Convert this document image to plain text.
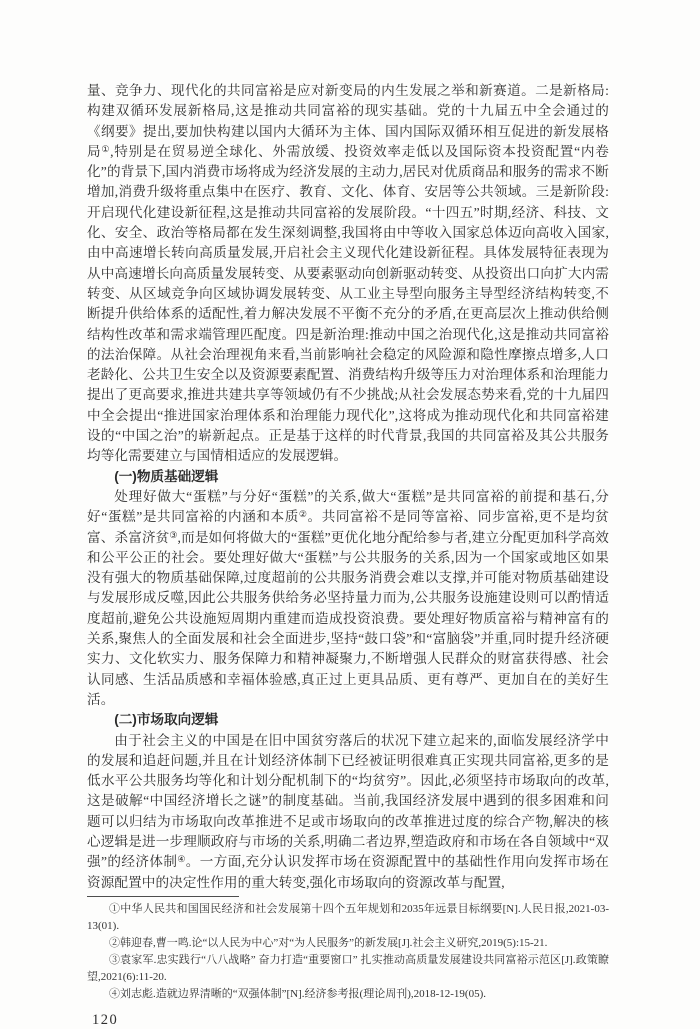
量、竞争力、现代化的共同富裕是应对新变局的内生发展之举和新赛道。二是新格局:构建双循环发展新格局,这是推动共同富裕的现实基础。党的十九届五中全会通过的《纲要》提出,要加快构建以国内大循环为主体、国内国际双循环相互促进的新发展格局①,特别是在贸易逆全球化、外需放缓、投资效率走低以及国际资本投资配置“内卷化”的背景下,国内消费市场将成为经济发展的主动力,居民对优质商品和服务的需求不断增加,消费升级将重点集中在医疗、教育、文化、体育、安居等公共领域。三是新阶段:开启现代化建设新征程,这是推动共同富裕的发展阶段。“十四五”时期,经济、科技、文化、安全、政治等格局都在发生深刻调整,我国将由中等收入国家总体迈向高收入国家,由中高速增长转向高质量发展,开启社会主义现代化建设新征程。具体发展特征表现为从中高速增长向高质量发展转变、从要素驱动向创新驱动转变、从投资出口向扩大内需转变、从区域竞争向区域协调发展转变、从工业主导型向服务主导型经济结构转变,不断提升供给体系的适配性,着力解决发展不平衡不充分的矛盾,在更高层次上推动供给侧结构性改革和需求端管理匹配度。四是新治理:推动中国之治现代化,这是推动共同富裕的法治保障。从社会治理视角来看,当前影响社会稳定的风险源和隐性摩擦点增多,人口老龄化、公共卫生安全以及资源要素配置、消费结构升级等压力对治理体系和治理能力提出了更高要求,推进共建共享等领域仍有不少挑战;从社会发展态势来看,党的十九届四中全会提出“推进国家治理体系和治理能力现代化”,这将成为推动现代化和共同富裕建设的“中国之治”的崭新起点。正是基于这样的时代背景,我国的共同富裕及其公共服务均等化需要建立与国情相适应的发展逻辑。

(一)物质基础逻辑

处理好做大“蛋糕”与分好“蛋糕”的关系,做大“蛋糕”是共同富裕的前提和基石,分好“蛋糕”是共同富裕的内涵和本质②。共同富裕不是同等富裕、同步富裕,更不是均贫富、杀富济贫③,而是如何将做大的“蛋糕”更优化地分配给参与者,建立分配更加科学高效和公平公正的社会。要处理好做大“蛋糕”与公共服务的关系,因为一个国家或地区如果没有强大的物质基础保障,过度超前的公共服务消费会难以支撑,并可能对物质基础建设与发展形成反噬,因此公共服务供给务必坚持量力而为,公共服务设施建设则可以酌情适度超前,避免公共设施短周期内重建而造成投资浪费。要处理好物质富裕与精神富有的关系,聚焦人的全面发展和社会全面进步,坚持“鼓口袋”和“富脑袋”并重,同时提升经济硬实力、文化软实力、服务保障力和精神凝聚力,不断增强人民群众的财富获得感、社会认同感、生活品质感和幸福体验感,真正过上更具品质、更有尊严、更加自在的美好生活。

(二)市场取向逻辑

由于社会主义的中国是在旧中国贫穷落后的状况下建立起来的,面临发展经济学中的发展和追赶问题,并且在计划经济体制下已经被证明很难真正实现共同富裕,更多的是低水平公共服务均等化和计划分配机制下的“均贫穷”。因此,必须坚持市场取向的改革,这是破解“中国经济增长之谜”的制度基础。当前,我国经济发展中遇到的很多困难和问题可以归结为市场取向改革推进不足或市场取向的改革推进过度的综合产物,解决的核心逻辑是进一步理顺政府与市场的关系,明确二者边界,塑造政府和市场在各自领域中“双强”的经济体制④。一方面,充分认识发挥市场在资源配置中的基础性作用向发挥市场在资源配置中的决定性作用的重大转变,强化市场取向的资源改革与配置,

①中华人民共和国国民经济和社会发展第十四个五年规划和2035年远景目标纲要[N].人民日报,2021-03-13(01).

②韩迎春,曹一鸣.论“以人民为中心”对“为人民服务”的新发展[J].社会主义研究,2019(5):15-21.

③袁家军.忠实践行“八八战略” 奋力打造“重要窗口” 扎实推动高质量发展建设共同富裕示范区[J].政策瞭望,2021(6):11-20.

④刘志彪.造就边界清晰的“双强体制”[N].经济参考报(理论周刊),2018-12-19(05).

120
